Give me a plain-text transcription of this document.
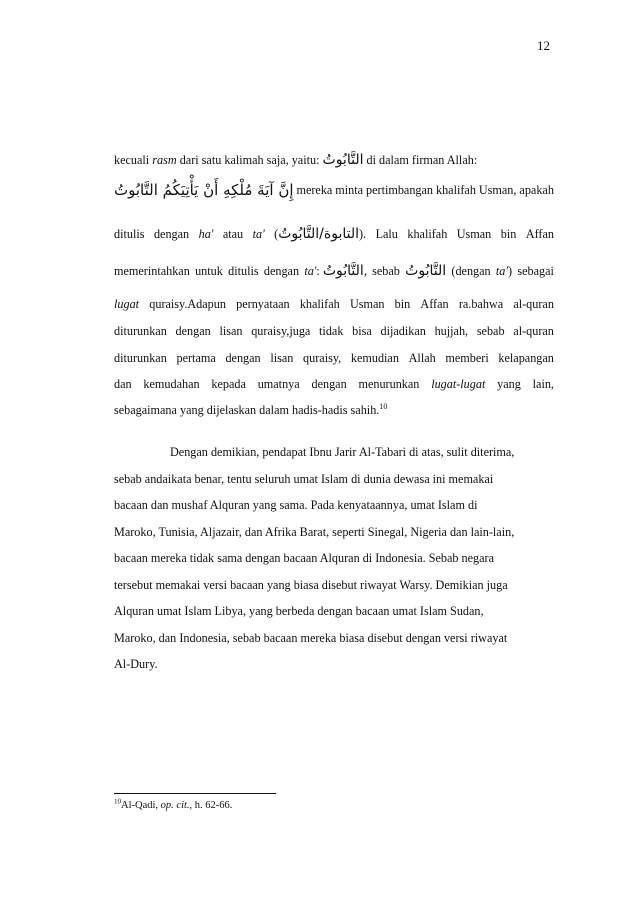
12
kecuali rasm dari satu kalimah saja, yaitu: التَّابُوتُ di dalam firman Allah:
إِنَّ آيَةَ مُلْكِهِ أَنْ يَأْتِيَكُمُ التَّابُوتُ mereka minta pertimbangan khalifah Usman, apakah
ditulis dengan ha' atau ta' (التابوة/التَّابُوتُ). Lalu khalifah Usman bin Affan
memerintahkan untuk ditulis dengan ta': التَّابُوتُ, sebab التَّابُوتُ (dengan ta') sebagai
lugat quraisy.Adapun pernyataan khalifah Usman bin Affan ra.bahwa al-quran
diturunkan dengan lisan quraisy,juga tidak bisa dijadikan hujjah, sebab al-quran
diturunkan pertama dengan lisan quraisy, kemudian Allah memberi kelapangan
dan kemudahan kepada umatnya dengan menurunkan lugat-lugat yang lain,
sebagaimana yang dijelaskan dalam hadis-hadis sahih.$^{10}$
Dengan demikian, pendapat Ibnu Jarir Al-Tabari di atas, sulit diterima,
sebab andaikata benar, tentu seluruh umat Islam di dunia dewasa ini memakai
bacaan dan mushaf Alquran yang sama. Pada kenyataannya, umat Islam di
Maroko, Tunisia, Aljazair, dan Afrika Barat, seperti Sinegal, Nigeria dan lain-lain,
bacaan mereka tidak sama dengan bacaan Alquran di Indonesia. Sebab negara
tersebut memakai versi bacaan yang biasa disebut riwayat Warsy. Demikian juga
Alquran umat Islam Libya, yang berbeda dengan bacaan umat Islam Sudan,
Maroko, dan Indonesia, sebab bacaan mereka biasa disebut dengan versi riwayat
Al-Dury.
$^{10}$Al-Qadi, op. cit., h. 62-66.
